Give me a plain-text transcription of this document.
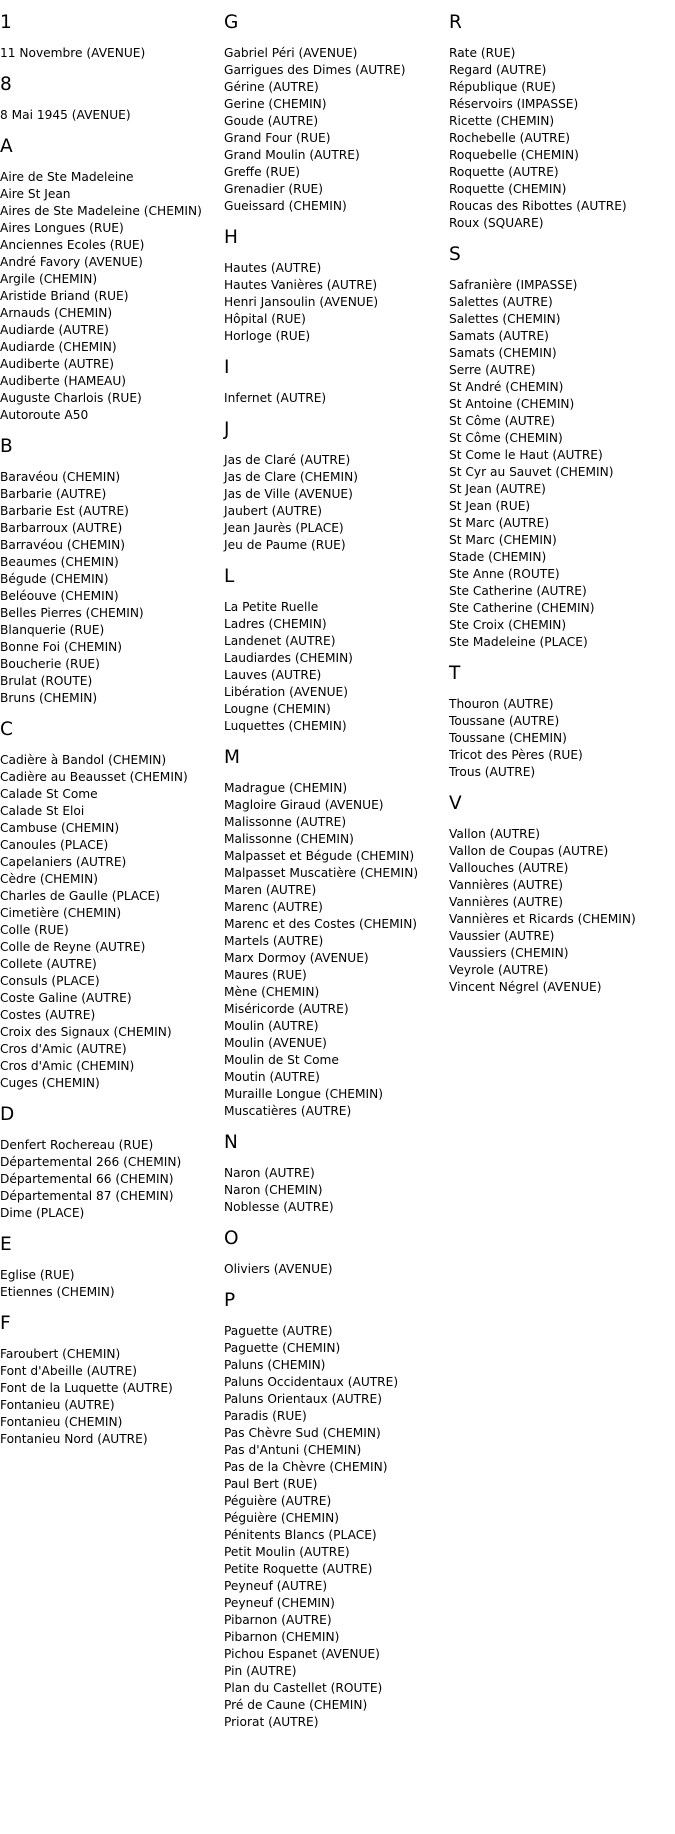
1
11 Novembre (AVENUE)
8
8 Mai 1945 (AVENUE)
A
Aire de Ste Madeleine
Aire St Jean
Aires de Ste Madeleine (CHEMIN)
Aires Longues (RUE)
Anciennes Ecoles (RUE)
André Favory (AVENUE)
Argile (CHEMIN)
Aristide Briand (RUE)
Arnauds (CHEMIN)
Audiarde (AUTRE)
Audiarde (CHEMIN)
Audiberte (AUTRE)
Audiberte (HAMEAU)
Auguste Charlois (RUE)
Autoroute A50
B
Baravéou (CHEMIN)
Barbarie (AUTRE)
Barbarie Est (AUTRE)
Barbarroux (AUTRE)
Barravéou (CHEMIN)
Beaumes (CHEMIN)
Bégude (CHEMIN)
Beléouve (CHEMIN)
Belles Pierres (CHEMIN)
Blanquerie (RUE)
Bonne Foi (CHEMIN)
Boucherie (RUE)
Brulat (ROUTE)
Bruns (CHEMIN)
C
Cadière à Bandol (CHEMIN)
Cadière au Beausset (CHEMIN)
Calade St Come
Calade St Eloi
Cambuse (CHEMIN)
Canoules (PLACE)
Capelaniers (AUTRE)
Cèdre (CHEMIN)
Charles de Gaulle (PLACE)
Cimetière (CHEMIN)
Colle (RUE)
Colle de Reyne (AUTRE)
Collete (AUTRE)
Consuls (PLACE)
Coste Galine (AUTRE)
Costes (AUTRE)
Croix des Signaux (CHEMIN)
Cros d'Amic (AUTRE)
Cros d'Amic (CHEMIN)
Cuges (CHEMIN)
D
Denfert Rochereau (RUE)
Départemental 266 (CHEMIN)
Départemental 66 (CHEMIN)
Départemental 87 (CHEMIN)
Dime (PLACE)
E
Eglise (RUE)
Etiennes (CHEMIN)
F
Faroubert (CHEMIN)
Font d'Abeille (AUTRE)
Font de la Luquette (AUTRE)
Fontanieu (AUTRE)
Fontanieu (CHEMIN)
Fontanieu Nord (AUTRE)
G
Gabriel Péri (AVENUE)
Garrigues des Dimes (AUTRE)
Gérine (AUTRE)
Gerine (CHEMIN)
Goude (AUTRE)
Grand Four (RUE)
Grand Moulin (AUTRE)
Greffe (RUE)
Grenadier (RUE)
Gueissard (CHEMIN)
H
Hautes (AUTRE)
Hautes Vanières (AUTRE)
Henri Jansoulin (AVENUE)
Hôpital (RUE)
Horloge (RUE)
I
Infernet (AUTRE)
J
Jas de Claré (AUTRE)
Jas de Clare (CHEMIN)
Jas de Ville (AVENUE)
Jaubert (AUTRE)
Jean Jaurès (PLACE)
Jeu de Paume (RUE)
L
La Petite Ruelle
Ladres (CHEMIN)
Landenet (AUTRE)
Laudiardes (CHEMIN)
Lauves (AUTRE)
Libération (AVENUE)
Lougne (CHEMIN)
Luquettes (CHEMIN)
M
Madrague (CHEMIN)
Magloire Giraud (AVENUE)
Malissonne (AUTRE)
Malissonne (CHEMIN)
Malpasset et Bégude (CHEMIN)
Malpasset Muscatière (CHEMIN)
Maren (AUTRE)
Marenc (AUTRE)
Marenc et des Costes (CHEMIN)
Martels (AUTRE)
Marx Dormoy (AVENUE)
Maures (RUE)
Mène (CHEMIN)
Miséricorde (AUTRE)
Moulin (AUTRE)
Moulin (AVENUE)
Moulin de St Come
Moutin (AUTRE)
Muraille Longue (CHEMIN)
Muscatières (AUTRE)
N
Naron (AUTRE)
Naron (CHEMIN)
Noblesse (AUTRE)
O
Oliviers (AVENUE)
P
Paguette (AUTRE)
Paguette (CHEMIN)
Paluns (CHEMIN)
Paluns Occidentaux (AUTRE)
Paluns Orientaux (AUTRE)
Paradis (RUE)
Pas Chèvre Sud (CHEMIN)
Pas d'Antuni (CHEMIN)
Pas de la Chèvre (CHEMIN)
Paul Bert (RUE)
Péguière (AUTRE)
Péguière (CHEMIN)
Pénitents Blancs (PLACE)
Petit Moulin (AUTRE)
Petite Roquette (AUTRE)
Peyneuf (AUTRE)
Peyneuf (CHEMIN)
Pibarnon (AUTRE)
Pibarnon (CHEMIN)
Pichou Espanet (AVENUE)
Pin (AUTRE)
Plan du Castellet (ROUTE)
Pré de Caune (CHEMIN)
Priorat (AUTRE)
R
Rate (RUE)
Regard (AUTRE)
République (RUE)
Réservoirs (IMPASSE)
Ricette (CHEMIN)
Rochebelle (AUTRE)
Roquebelle (CHEMIN)
Roquette (AUTRE)
Roquette (CHEMIN)
Roucas des Ribottes (AUTRE)
Roux (SQUARE)
S
Safranière (IMPASSE)
Salettes (AUTRE)
Salettes (CHEMIN)
Samats (AUTRE)
Samats (CHEMIN)
Serre (AUTRE)
St André (CHEMIN)
St Antoine (CHEMIN)
St Côme (AUTRE)
St Côme (CHEMIN)
St Come le Haut (AUTRE)
St Cyr au Sauvet (CHEMIN)
St Jean (AUTRE)
St Jean (RUE)
St Marc (AUTRE)
St Marc (CHEMIN)
Stade (CHEMIN)
Ste Anne (ROUTE)
Ste Catherine (AUTRE)
Ste Catherine (CHEMIN)
Ste Croix (CHEMIN)
Ste Madeleine (PLACE)
T
Thouron (AUTRE)
Toussane (AUTRE)
Toussane (CHEMIN)
Tricot des Pères (RUE)
Trous (AUTRE)
V
Vallon (AUTRE)
Vallon de Coupas (AUTRE)
Vallouches (AUTRE)
Vannières (AUTRE)
Vannières (AUTRE)
Vannières et Ricards (CHEMIN)
Vaussier (AUTRE)
Vaussiers (CHEMIN)
Veyrole (AUTRE)
Vincent Négrel (AVENUE)
